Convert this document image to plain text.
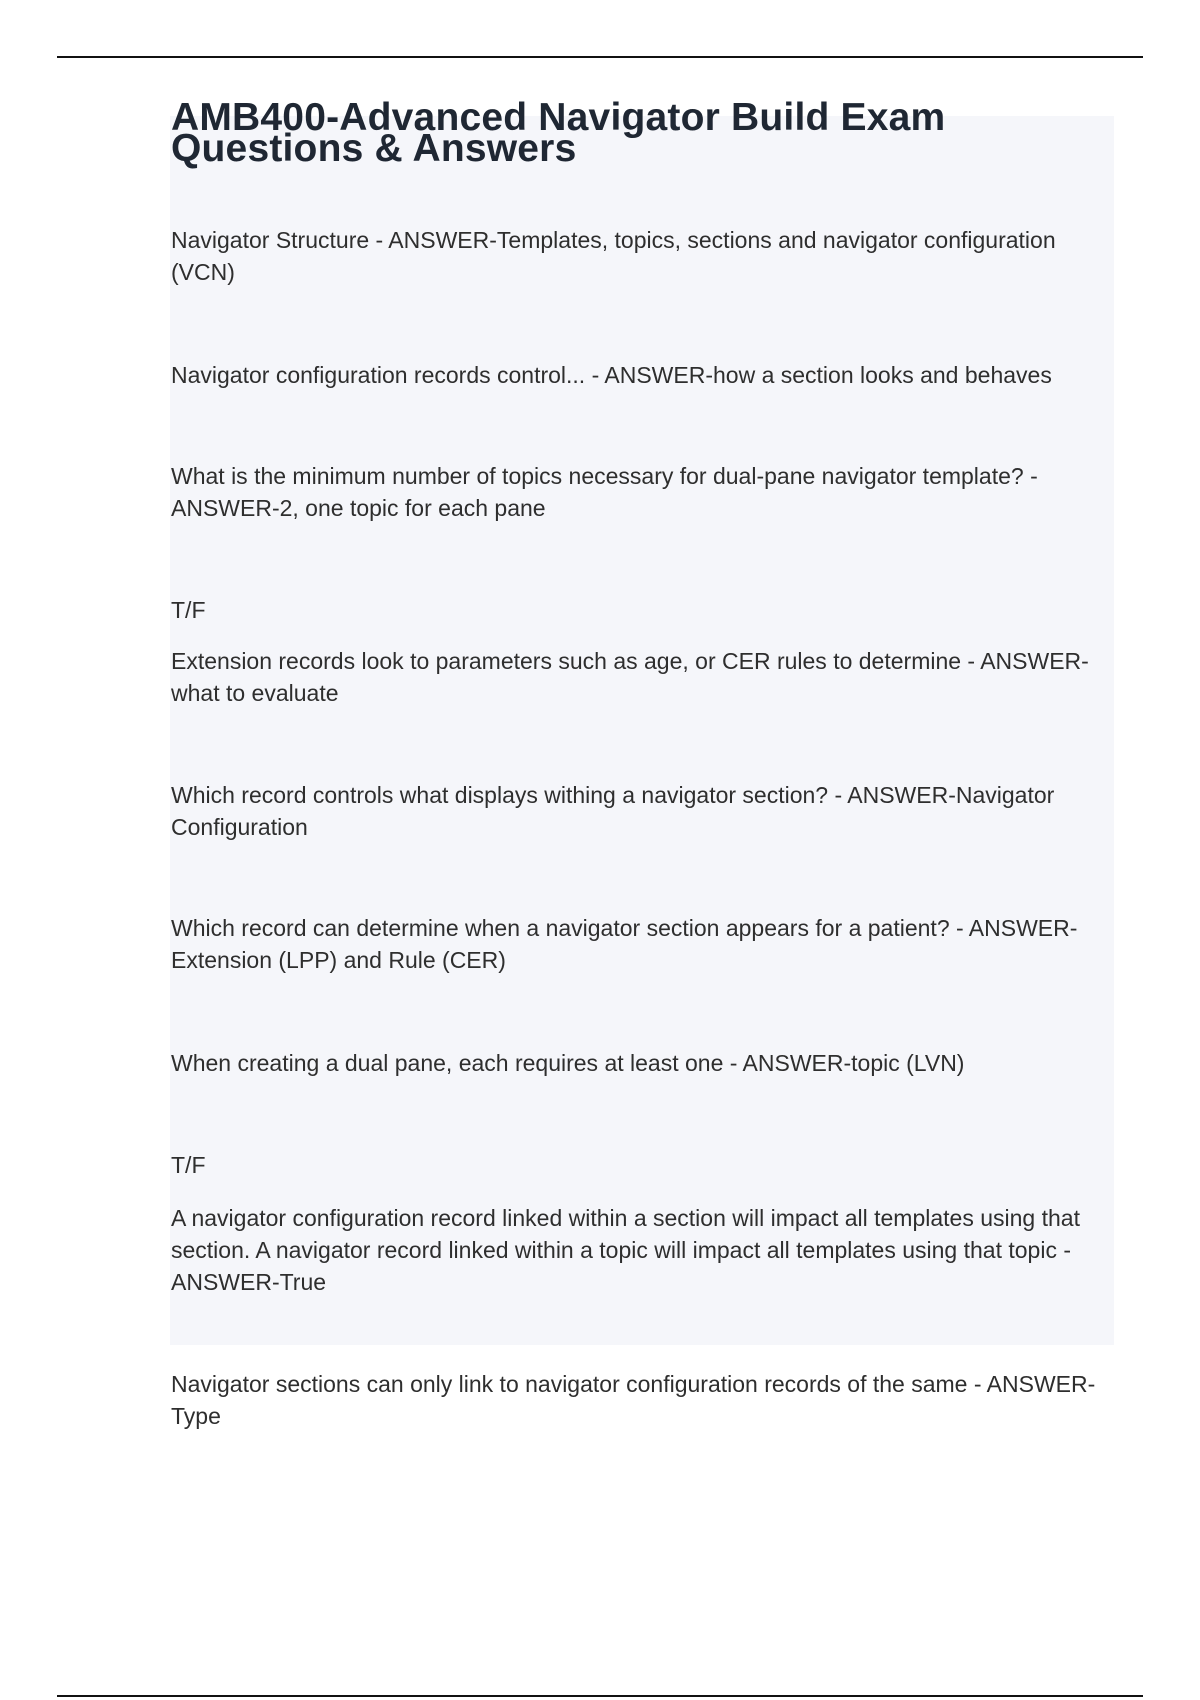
AMB400-Advanced Navigator Build Exam
Questions & Answers

Navigator Structure - ANSWER-Templates, topics, sections and navigator configuration (VCN)

Navigator configuration records control... - ANSWER-how a section looks and behaves

What is the minimum number of topics necessary for dual-pane navigator template? - ANSWER-2, one topic for each pane

T/F

Extension records look to parameters such as age, or CER rules to determine - ANSWER-what to evaluate

Which record controls what displays withing a navigator section? - ANSWER-Navigator Configuration

Which record can determine when a navigator section appears for a patient? - ANSWER-Extension (LPP) and Rule (CER)

When creating a dual pane, each requires at least one - ANSWER-topic (LVN)

T/F

A navigator configuration record linked within a section will impact all templates using that section. A navigator record linked within a topic will impact all templates using that topic - ANSWER-True

Navigator sections can only link to navigator configuration records of the same - ANSWER-Type
